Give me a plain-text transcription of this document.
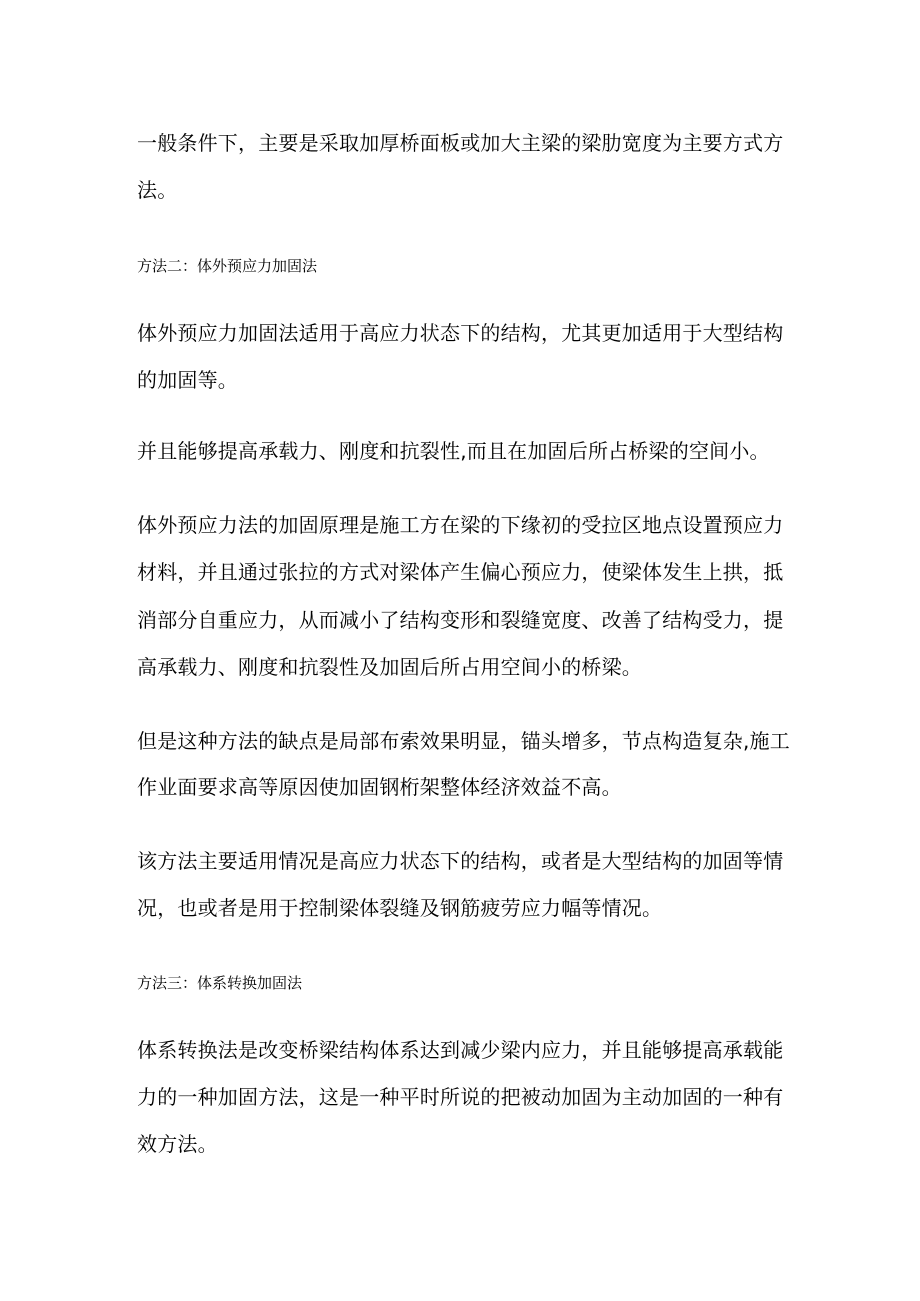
一般条件下，主要是采取加厚桥面板或加大主梁的梁肋宽度为主要方式方

法。

方法二：体外预应力加固法

体外预应力加固法适用于高应力状态下的结构，尤其更加适用于大型结构

的加固等。

并且能够提高承载力、刚度和抗裂性,而且在加固后所占桥梁的空间小。

体外预应力法的加固原理是施工方在梁的下缘初的受拉区地点设置预应力

材料，并且通过张拉的方式对梁体产生偏心预应力，使梁体发生上拱，抵

消部分自重应力，从而减小了结构变形和裂缝宽度、改善了结构受力，提

高承载力、刚度和抗裂性及加固后所占用空间小的桥梁。

但是这种方法的缺点是局部布索效果明显，锚头增多，节点构造复杂,施工

作业面要求高等原因使加固钢桁架整体经济效益不高。

该方法主要适用情况是高应力状态下的结构，或者是大型结构的加固等情

况，也或者是用于控制梁体裂缝及钢筋疲劳应力幅等情况。

方法三：体系转换加固法

体系转换法是改变桥梁结构体系达到减少梁内应力，并且能够提高承载能

力的一种加固方法，这是一种平时所说的把被动加固为主动加固的一种有

效方法。
